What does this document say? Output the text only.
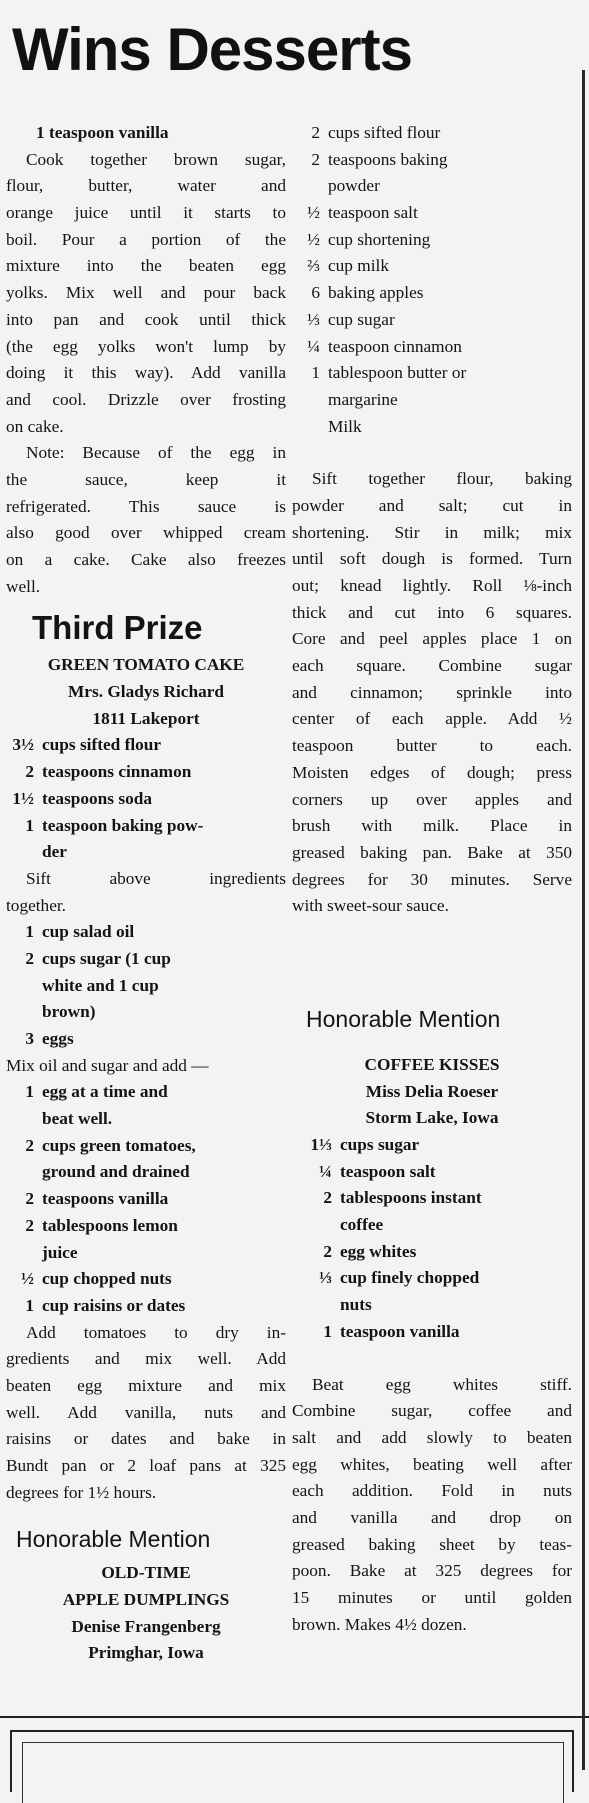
Wins Desserts

1 teaspoon vanilla

Cook together brown sugar,

flour, butter, water and

orange juice until it starts to

boil. Pour a portion of the

mixture into the beaten egg

yolks. Mix well and pour back

into pan and cook until thick

(the egg yolks won't lump by

doing it this way). Add vanilla

and cool. Drizzle over frosting

on cake.

Note: Because of the egg in

the sauce, keep it

refrigerated. This sauce is

also good over whipped cream

on a cake. Cake also freezes

well.

Third Prize

GREEN TOMATO CAKE

Mrs. Gladys Richard

1811 Lakeport

3½ cups sifted flour

2 teaspoons cinnamon

1½ teaspoons soda

1 teaspoon baking pow-

der

Sift above ingredients

together.

1 cup salad oil

2 cups sugar (1 cup

white and 1 cup

brown)

3 eggs

Mix oil and sugar and add —

1 egg at a time and

beat well.

2 cups green tomatoes,

ground and drained

2 teaspoons vanilla

2 tablespoons lemon

juice

½ cup chopped nuts

1 cup raisins or dates

Add tomatoes to dry in-

gredients and mix well. Add

beaten egg mixture and mix

well. Add vanilla, nuts and

raisins or dates and bake in

Bundt pan or 2 loaf pans at 325

degrees for 1½ hours.

Honorable Mention

OLD-TIME

APPLE DUMPLINGS

Denise Frangenberg

Primghar, Iowa

2 cups sifted flour

2 teaspoons baking

powder

½ teaspoon salt

½ cup shortening

⅔ cup milk

6 baking apples

⅓ cup sugar

¼ teaspoon cinnamon

1 tablespoon butter or

margarine

Milk

Sift together flour, baking

powder and salt; cut in

shortening. Stir in milk; mix

until soft dough is formed. Turn

out; knead lightly. Roll ⅛-inch

thick and cut into 6 squares.

Core and peel apples place 1 on

each square. Combine sugar

and cinnamon; sprinkle into

center of each apple. Add ½

teaspoon butter to each.

Moisten edges of dough; press

corners up over apples and

brush with milk. Place in

greased baking pan. Bake at 350

degrees for 30 minutes. Serve

with sweet-sour sauce.

Honorable Mention

COFFEE KISSES

Miss Delia Roeser

Storm Lake, Iowa

1⅓ cups sugar

¼ teaspoon salt

2 tablespoons instant

coffee

2 egg whites

⅓ cup finely chopped

nuts

1 teaspoon vanilla

Beat egg whites stiff.

Combine sugar, coffee and

salt and add slowly to beaten

egg whites, beating well after

each addition. Fold in nuts

and vanilla and drop on

greased baking sheet by teas-

poon. Bake at 325 degrees for

15 minutes or until golden

brown. Makes 4½ dozen.
